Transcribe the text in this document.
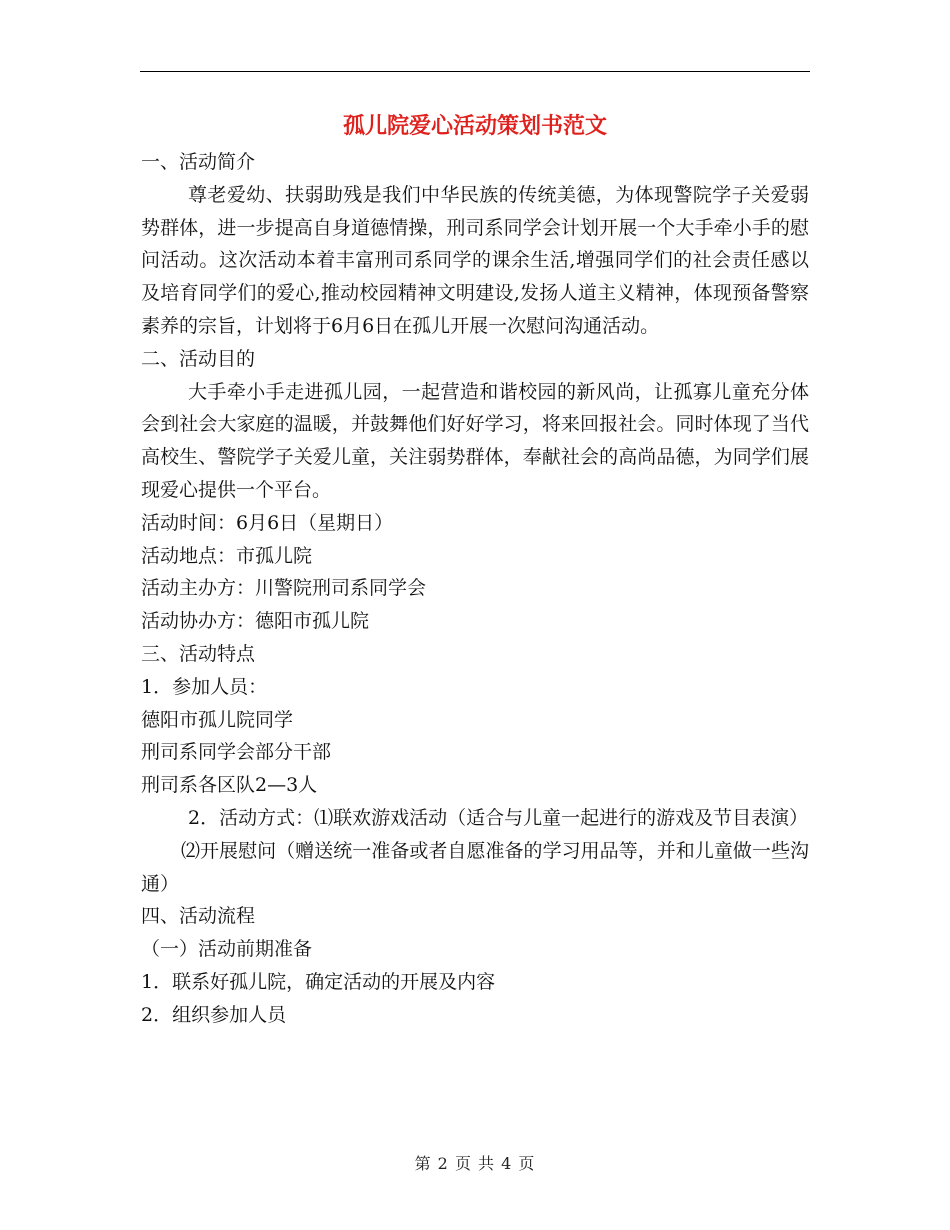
孤儿院爱心活动策划书范文

一、活动简介

尊老爱幼、扶弱助残是我们中华民族的传统美德，为体现警院学子关爱弱势群体，进一步提高自身道德情操，刑司系同学会计划开展一个大手牵小手的慰问活动。这次活动本着丰富刑司系同学的课余生活,增强同学们的社会责任感以及培育同学们的爱心,推动校园精神文明建设,发扬人道主义精神，体现预备警察素养的宗旨，计划将于6月6日在孤儿开展一次慰问沟通活动。

二、活动目的

大手牵小手走进孤儿园，一起营造和谐校园的新风尚，让孤寡儿童充分体会到社会大家庭的温暖，并鼓舞他们好好学习，将来回报社会。同时体现了当代高校生、警院学子关爱儿童，关注弱势群体，奉献社会的高尚品德，为同学们展现爱心提供一个平台。

活动时间：6月6日（星期日）

活动地点：市孤儿院

活动主办方：川警院刑司系同学会

活动协办方：德阳市孤儿院

三、活动特点

1．参加人员：

德阳市孤儿院同学

刑司系同学会部分干部

刑司系各区队2—3人

2．活动方式：⑴联欢游戏活动（适合与儿童一起进行的游戏及节目表演）

⑵开展慰问（赠送统一准备或者自愿准备的学习用品等，并和儿童做一些沟通）

四、活动流程

（一）活动前期准备

1．联系好孤儿院，确定活动的开展及内容

2．组织参加人员

第 2 页 共 4 页
